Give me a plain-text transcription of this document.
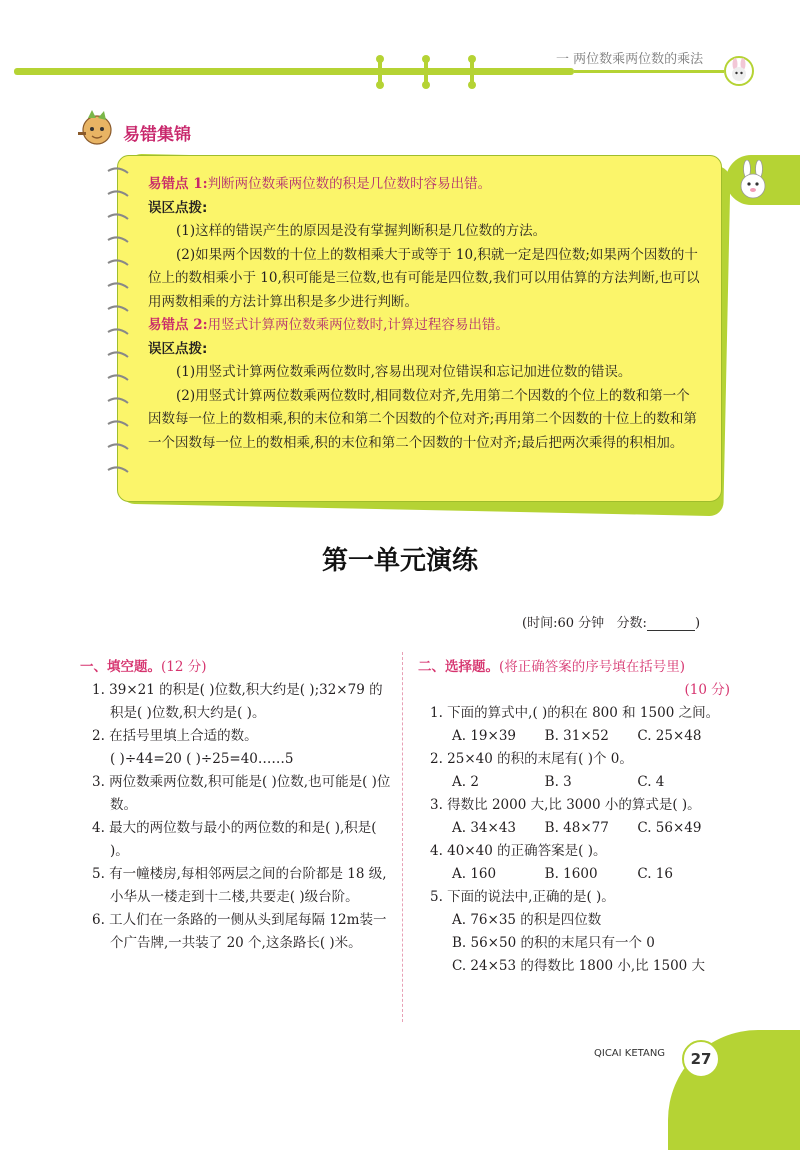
一 两位数乘两位数的乘法
易错集锦

易错点 1:判断两位数乘两位数的积是几位数时容易出错。

误区点拨:

(1)这样的错误产生的原因是没有掌握判断积是几位数的方法。

(2)如果两个因数的十位上的数相乘大于或等于 10,积就一定是四位数;如果两个因数的十位上的数相乘小于 10,积可能是三位数,也有可能是四位数,我们可以用估算的方法判断,也可以用两数相乘的方法计算出积是多少进行判断。

易错点 2:用竖式计算两位数乘两位数时,计算过程容易出错。

误区点拨:

(1)用竖式计算两位数乘两位数时,容易出现对位错误和忘记加进位数的错误。

(2)用竖式计算两位数乘两位数时,相同数位对齐,先用第二个因数的个位上的数和第一个因数每一位上的数相乘,积的末位和第二个因数的个位对齐;再用第二个因数的十位上的数和第一个因数每一位上的数相乘,积的末位和第二个因数的十位对齐;最后把两次乘得的积相加。

第一单元演练
(时间:60 分钟 分数:	)

一、填空题。(12 分)

1. 39×21 的积是( )位数,积大约是( );32×79 的积是( )位数,积大约是( )。

2. 在括号里填上合适的数。

( )÷44=20 ( )÷25=40……5

3. 两位数乘两位数,积可能是( )位数,也可能是( )位数。

4. 最大的两位数与最小的两位数的和是( ),积是( )。

5. 有一幢楼房,每相邻两层之间的台阶都是 18 级,小华从一楼走到十二楼,共要走( )级台阶。

6. 工人们在一条路的一侧从头到尾每隔 12m装一个广告牌,一共装了 20 个,这条路长( )米。

二、选择题。(将正确答案的序号填在括号里)

(10 分)

1. 下面的算式中,( )的积在 800 和 1500 之间。

A. 19×39	B. 31×52	C. 25×48

2. 25×40 的积的末尾有( )个 0。

A. 2	B. 3	C. 4

3. 得数比 2000 大,比 3000 小的算式是( )。

A. 34×43	B. 48×77	C. 56×49

4. 40×40 的正确答案是( )。

A. 160	B. 1600	C. 16

5. 下面的说法中,正确的是( )。

A. 76×35 的积是四位数

B. 56×50 的积的末尾只有一个 0

C. 24×53 的得数比 1800 小,比 1500 大

QICAI KETANG	27
